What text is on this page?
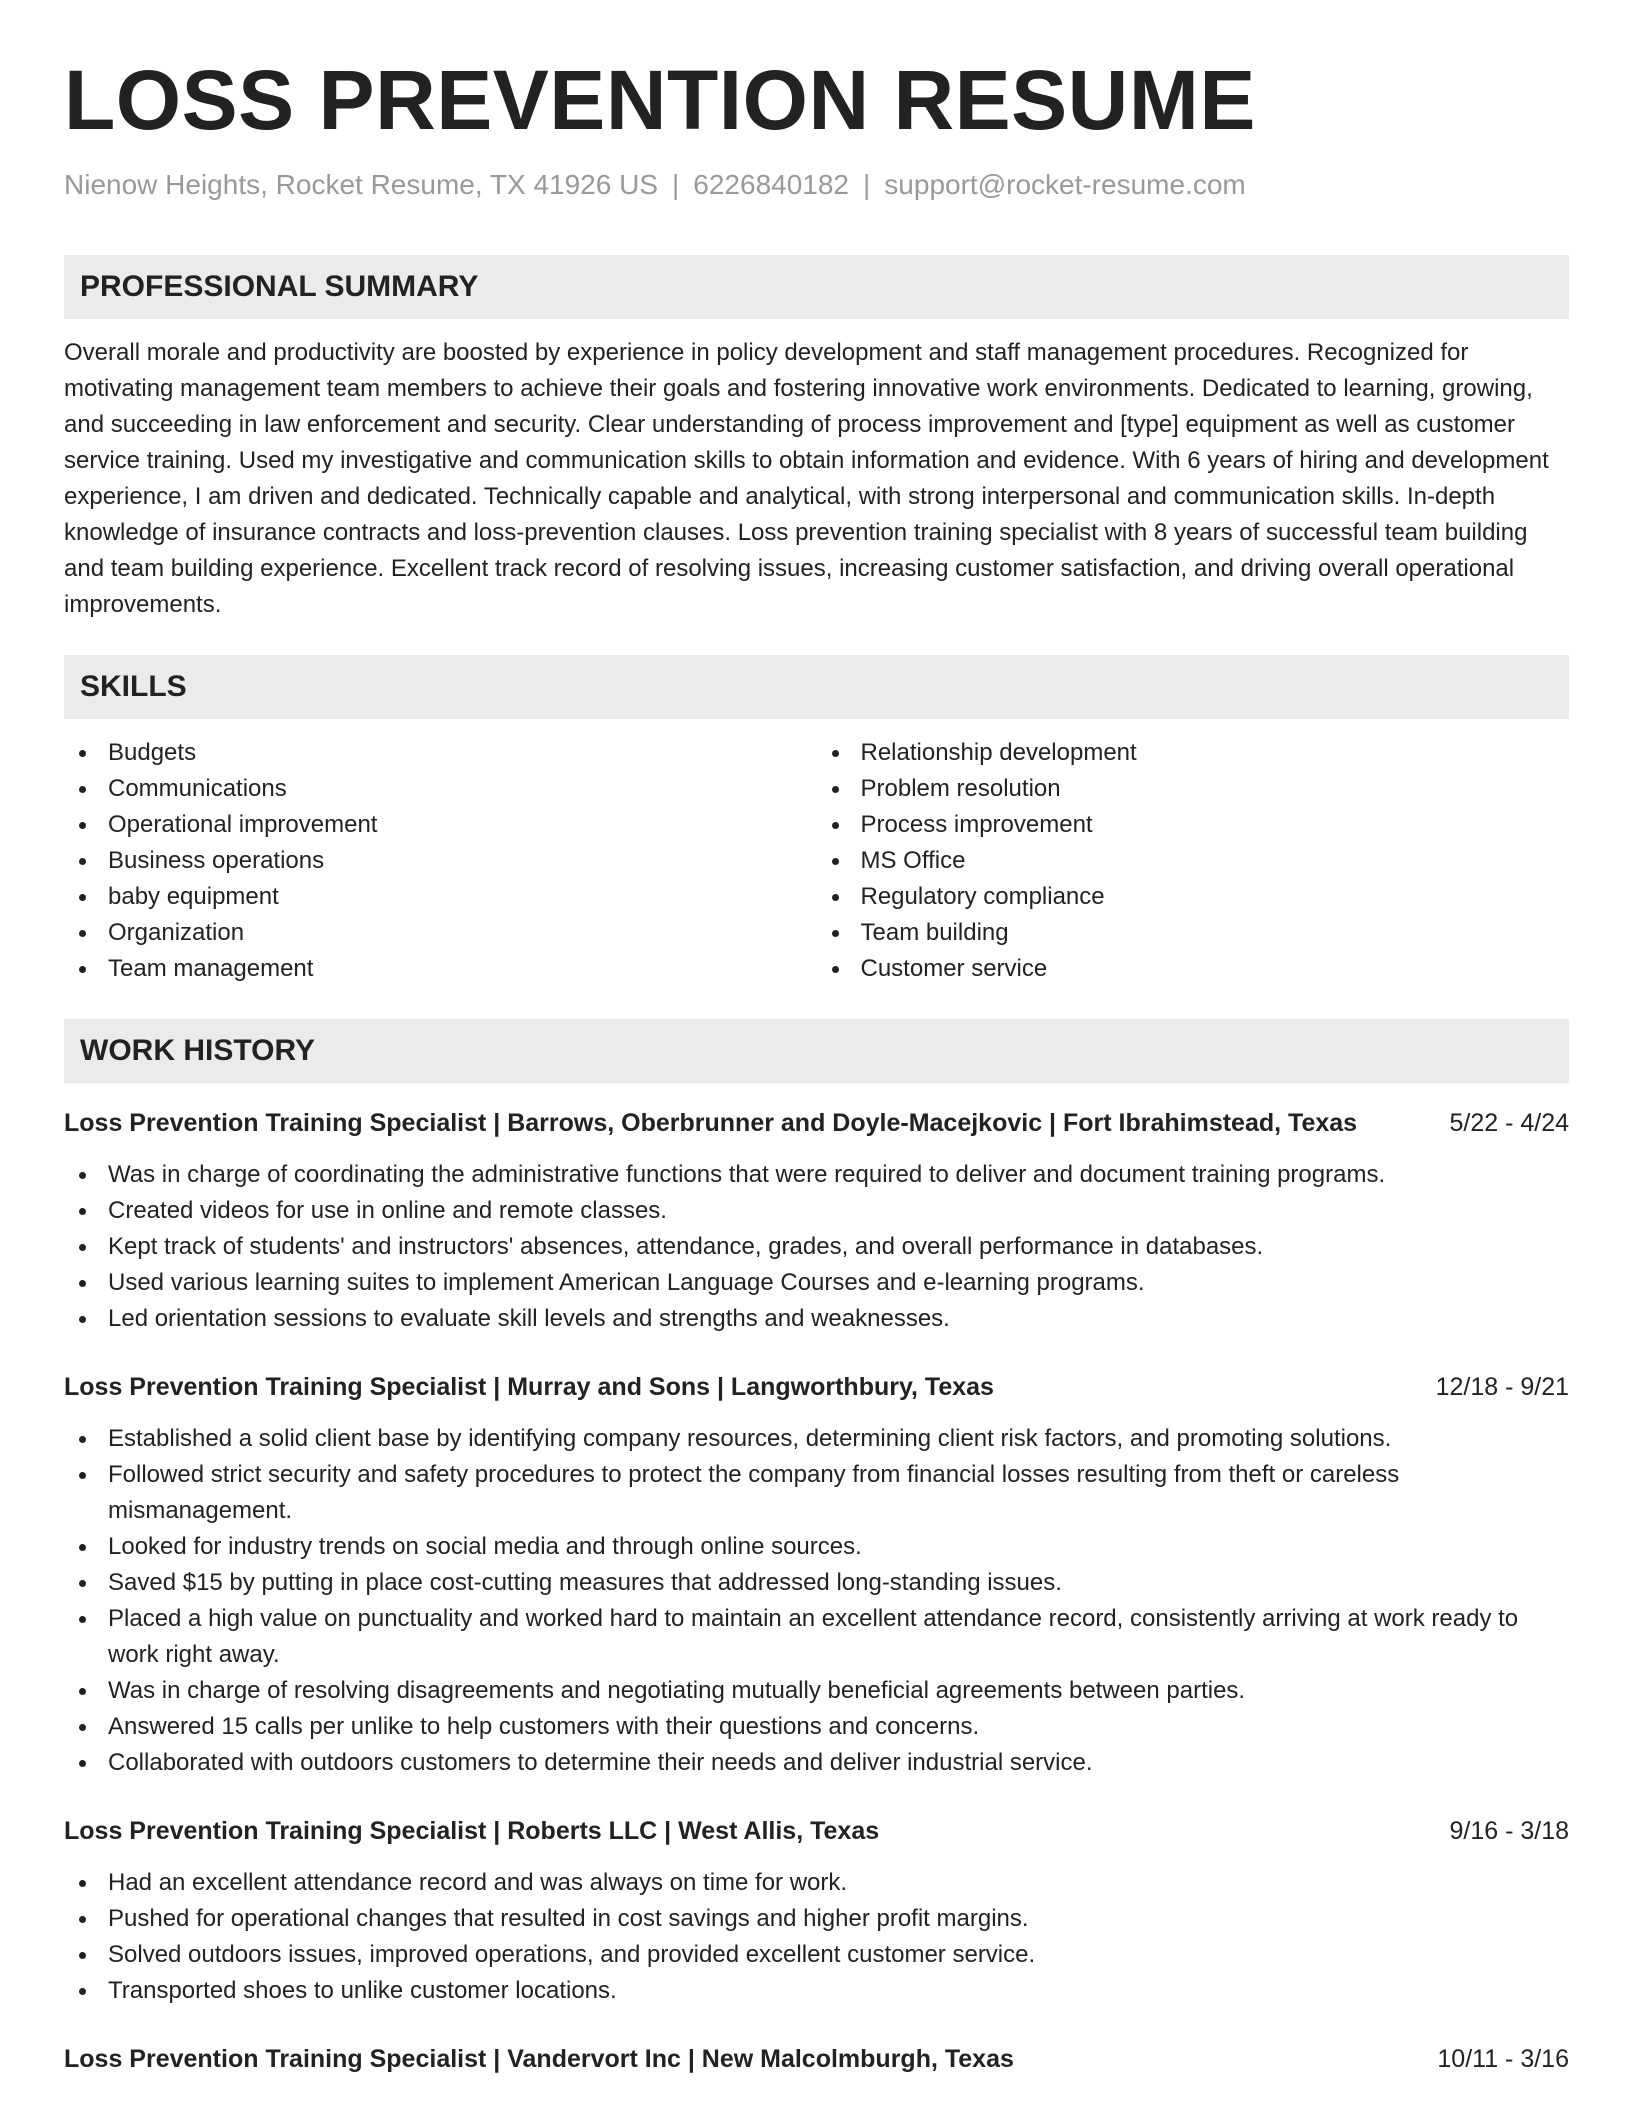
LOSS PREVENTION RESUME
Nienow Heights, Rocket Resume, TX 41926 US | 6226840182 | support@rocket-resume.com
PROFESSIONAL SUMMARY

Overall morale and productivity are boosted by experience in policy development and staff management procedures. Recognized for motivating management team members to achieve their goals and fostering innovative work environments. Dedicated to learning, growing, and succeeding in law enforcement and security. Clear understanding of process improvement and [type] equipment as well as customer service training. Used my investigative and communication skills to obtain information and evidence. With 6 years of hiring and development experience, I am driven and dedicated. Technically capable and analytical, with strong interpersonal and communication skills. In-depth knowledge of insurance contracts and loss-prevention clauses. Loss prevention training specialist with 8 years of successful team building and team building experience. Excellent track record of resolving issues, increasing customer satisfaction, and driving overall operational improvements.

SKILLS
Budgets
Communications
Operational improvement
Business operations
baby equipment
Organization
Team management
Relationship development
Problem resolution
Process improvement
MS Office
Regulatory compliance
Team building
Customer service
WORK HISTORY
Loss Prevention Training Specialist | Barrows, Oberbrunner and Doyle-Macejkovic | Fort Ibrahimstead, Texas	5/22 - 4/24
Was in charge of coordinating the administrative functions that were required to deliver and document training programs.
Created videos for use in online and remote classes.
Kept track of students' and instructors' absences, attendance, grades, and overall performance in databases.
Used various learning suites to implement American Language Courses and e-learning programs.
Led orientation sessions to evaluate skill levels and strengths and weaknesses.
Loss Prevention Training Specialist | Murray and Sons | Langworthbury, Texas	12/18 - 9/21
Established a solid client base by identifying company resources, determining client risk factors, and promoting solutions.
Followed strict security and safety procedures to protect the company from financial losses resulting from theft or careless mismanagement.
Looked for industry trends on social media and through online sources.
Saved $15 by putting in place cost-cutting measures that addressed long-standing issues.
Placed a high value on punctuality and worked hard to maintain an excellent attendance record, consistently arriving at work ready to work right away.
Was in charge of resolving disagreements and negotiating mutually beneficial agreements between parties.
Answered 15 calls per unlike to help customers with their questions and concerns.
Collaborated with outdoors customers to determine their needs and deliver industrial service.
Loss Prevention Training Specialist | Roberts LLC | West Allis, Texas	9/16 - 3/18
Had an excellent attendance record and was always on time for work.
Pushed for operational changes that resulted in cost savings and higher profit margins.
Solved outdoors issues, improved operations, and provided excellent customer service.
Transported shoes to unlike customer locations.
Loss Prevention Training Specialist | Vandervort Inc | New Malcolmburgh, Texas	10/11 - 3/16
